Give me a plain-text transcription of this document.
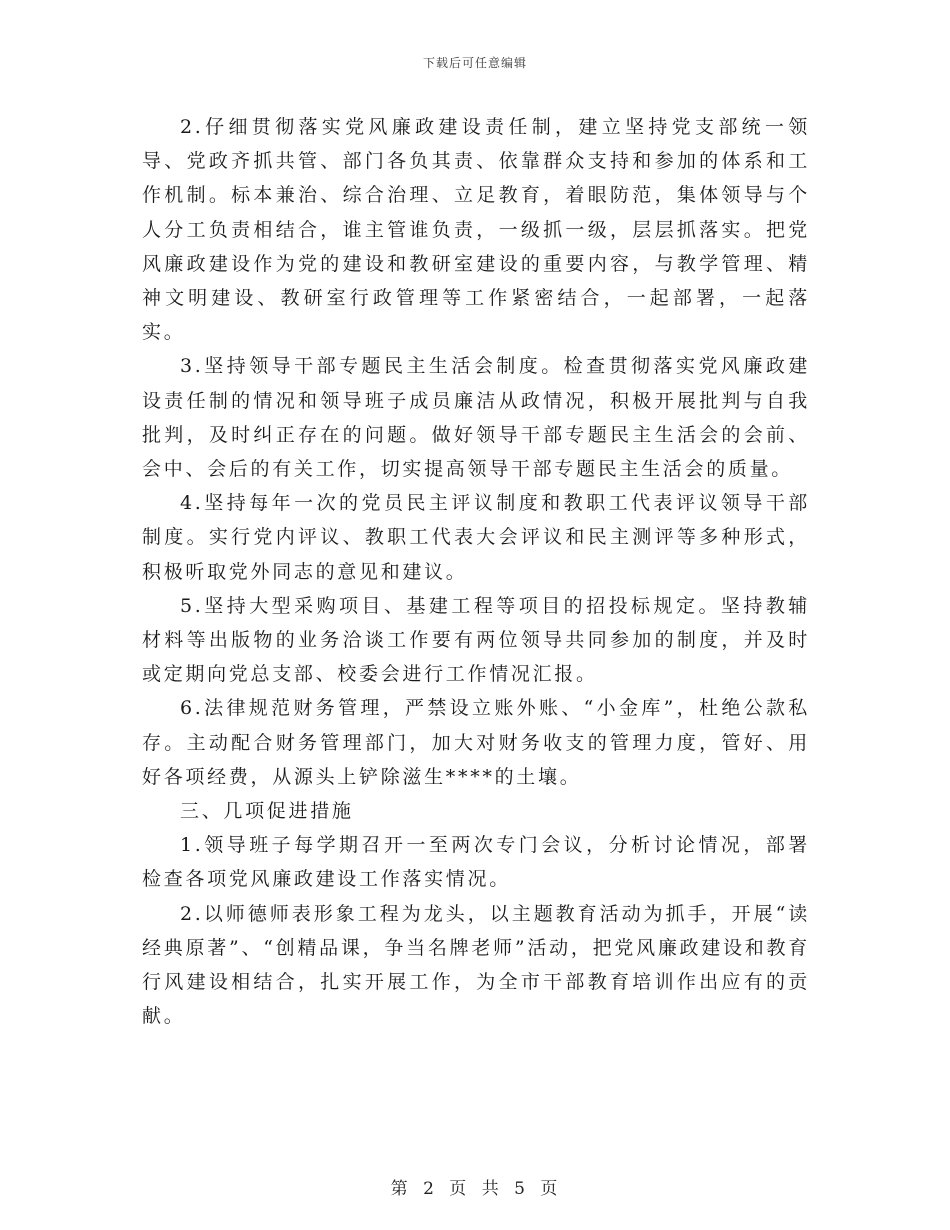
下载后可任意编辑

2.仔细贯彻落实党风廉政建设责任制，建立坚持党支部统一领导、党政齐抓共管、部门各负其责、依靠群众支持和参加的体系和工作机制。标本兼治、综合治理、立足教育，着眼防范，集体领导与个人分工负责相结合，谁主管谁负责，一级抓一级，层层抓落实。把党风廉政建设作为党的建设和教研室建设的重要内容，与教学管理、精神文明建设、教研室行政管理等工作紧密结合，一起部署，一起落实。

3.坚持领导干部专题民主生活会制度。检查贯彻落实党风廉政建设责任制的情况和领导班子成员廉洁从政情况，积极开展批判与自我批判，及时纠正存在的问题。做好领导干部专题民主生活会的会前、会中、会后的有关工作，切实提高领导干部专题民主生活会的质量。

4.坚持每年一次的党员民主评议制度和教职工代表评议领导干部制度。实行党内评议、教职工代表大会评议和民主测评等多种形式，积极听取党外同志的意见和建议。

5.坚持大型采购项目、基建工程等项目的招投标规定。坚持教辅材料等出版物的业务洽谈工作要有两位领导共同参加的制度，并及时或定期向党总支部、校委会进行工作情况汇报。

6.法律规范财务管理，严禁设立账外账、“小金库”，杜绝公款私存。主动配合财务管理部门，加大对财务收支的管理力度，管好、用好各项经费，从源头上铲除滋生****的土壤。

三、几项促进措施

1.领导班子每学期召开一至两次专门会议，分析讨论情况，部署检查各项党风廉政建设工作落实情况。

2.以师德师表形象工程为龙头，以主题教育活动为抓手，开展“读经典原著”、“创精品课，争当名牌老师”活动，把党风廉政建设和教育行风建设相结合，扎实开展工作，为全市干部教育培训作出应有的贡献。

第 2 页 共 5 页
